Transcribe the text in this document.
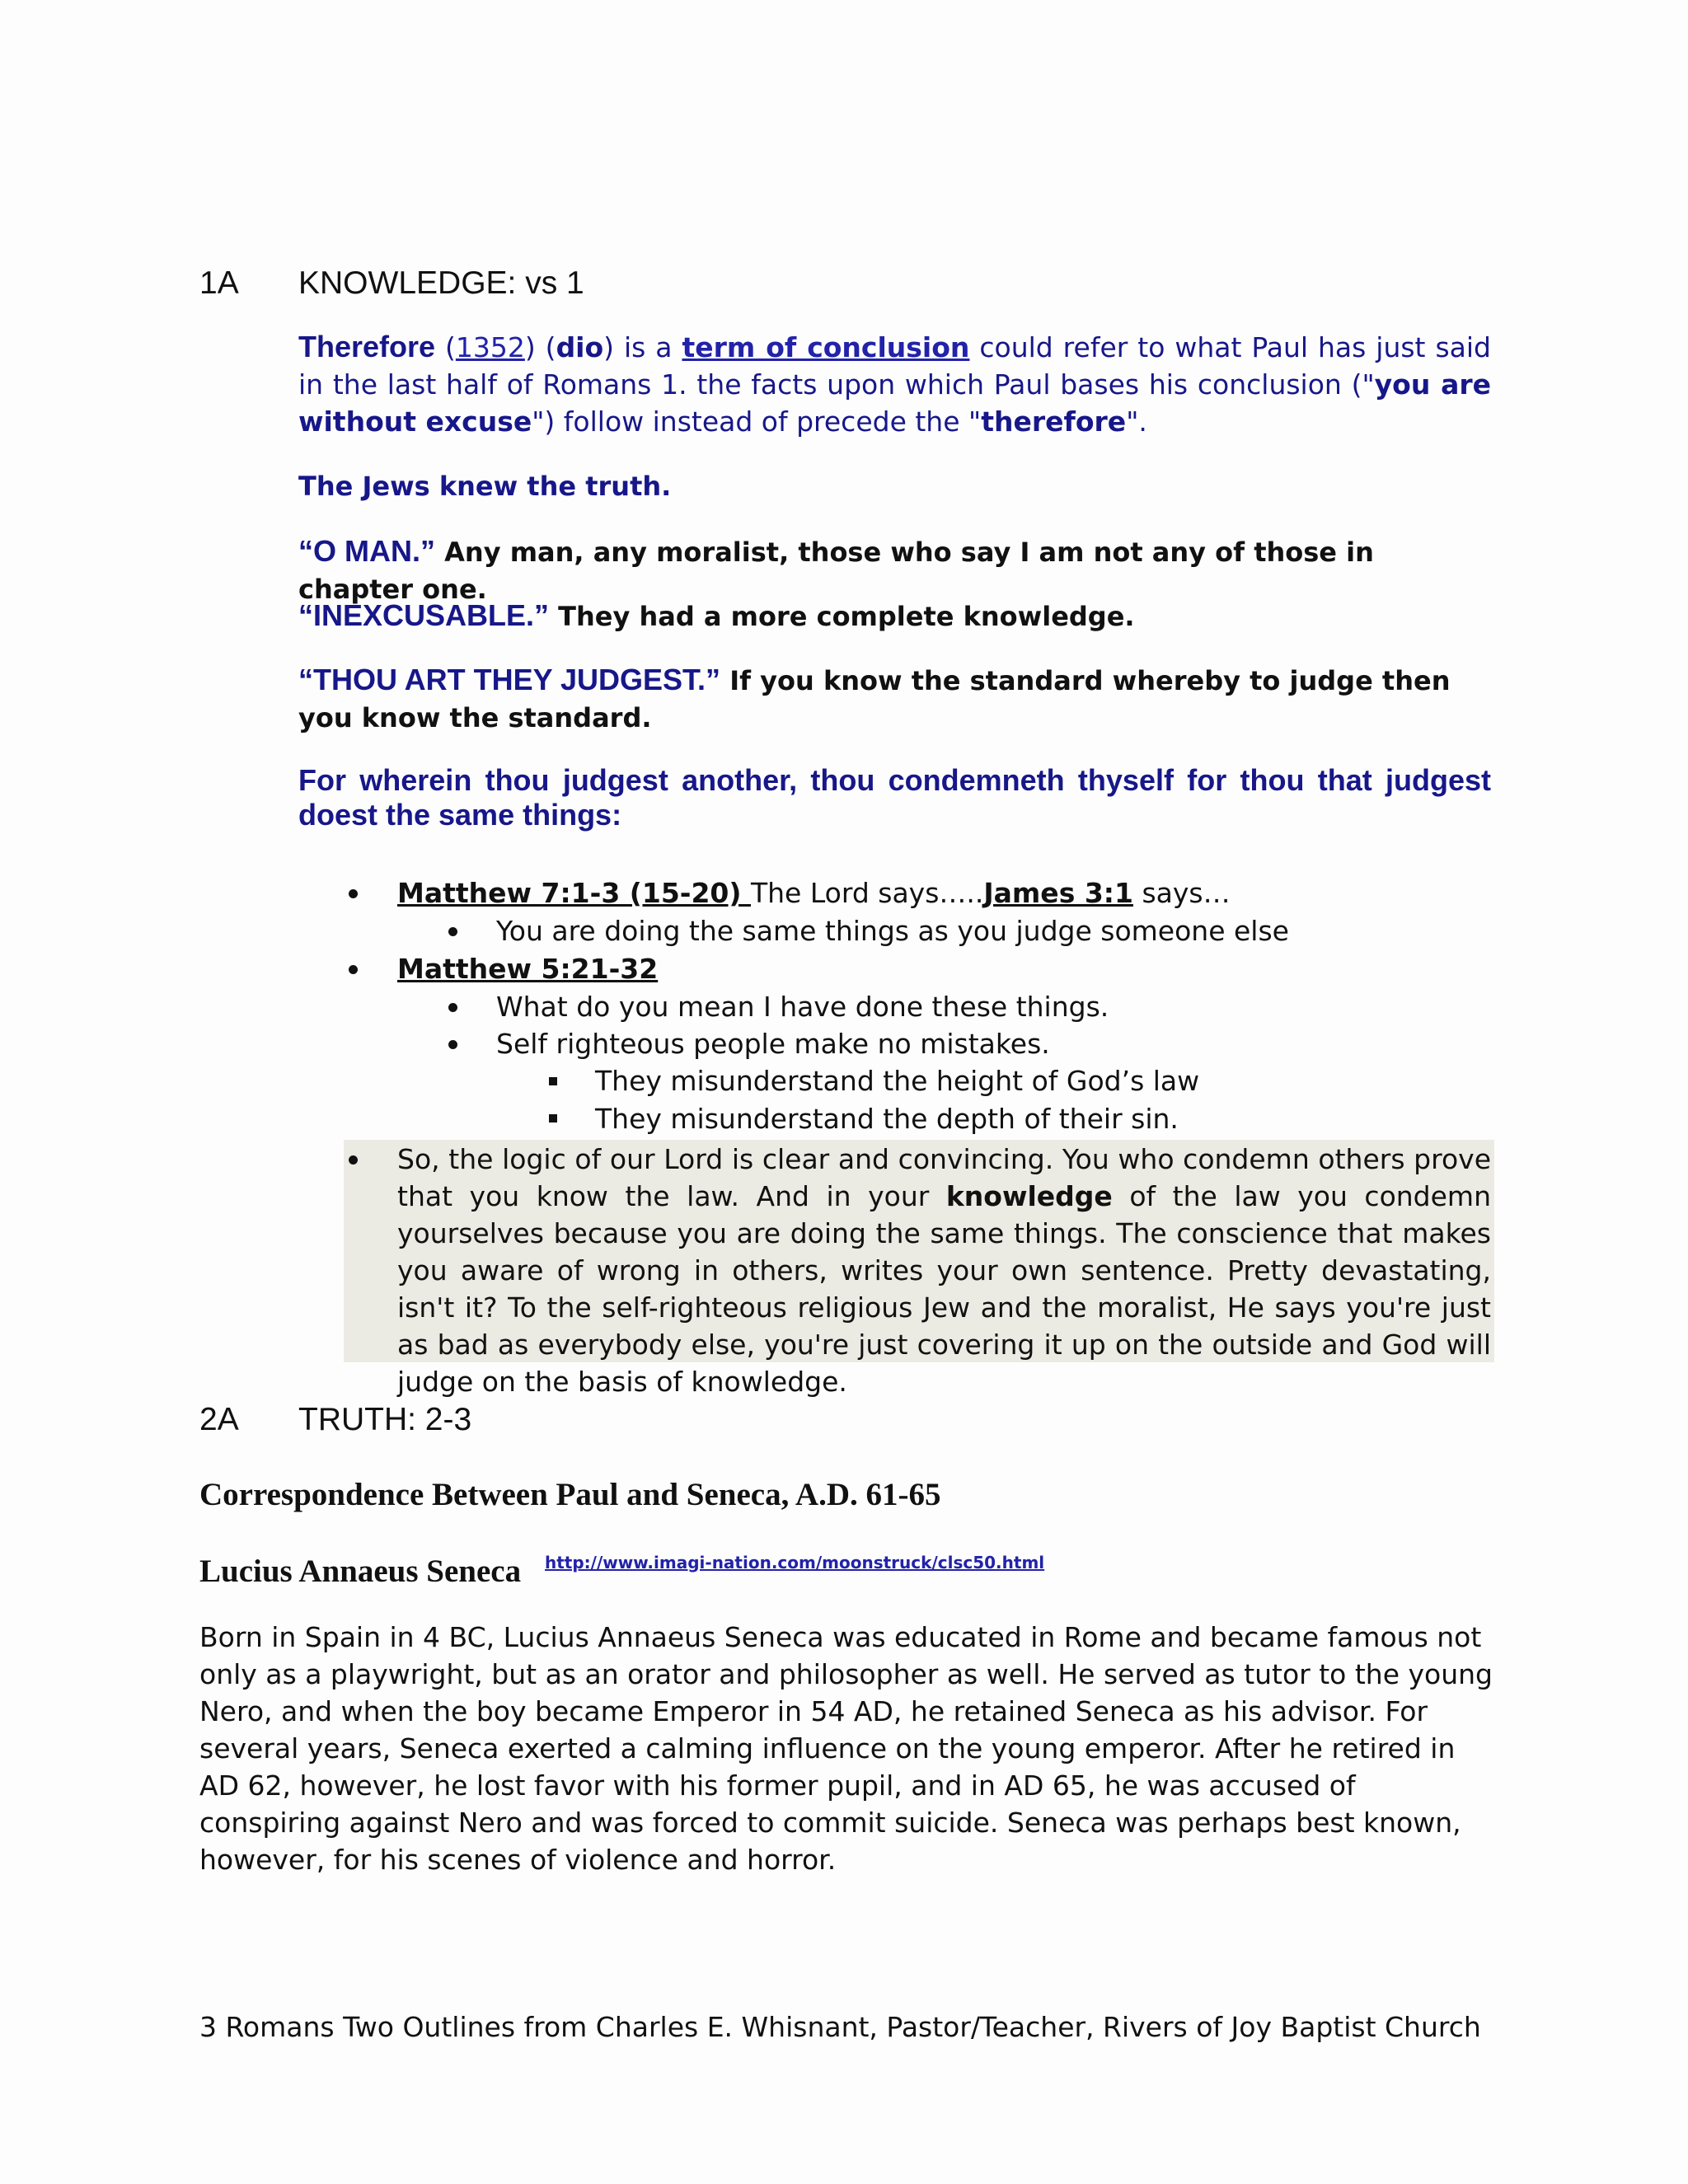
1A KNOWLEDGE: vs 1
Therefore (1352) (dio) is a term of conclusion could refer to what Paul has just said in the last half of Romans 1. the facts upon which Paul bases his conclusion ("you are without excuse") follow instead of precede the "therefore".
The Jews knew the truth.
“O MAN.” Any man, any moralist, those who say I am not any of those in chapter one.
“INEXCUSABLE.” They had a more complete knowledge.
“THOU ART THEY JUDGEST.” If you know the standard whereby to judge then you know the standard.
For wherein thou judgest another, thou condemneth thyself for thou that judgest doest the same things:
Matthew 7:1-3 (15-20) The Lord says…..James 3:1 says…
You are doing the same things as you judge someone else
Matthew 5:21-32
What do you mean I have done these things.
Self righteous people make no mistakes.
They misunderstand the height of God’s law
They misunderstand the depth of their sin.
So, the logic of our Lord is clear and convincing. You who condemn others prove that you know the law. And in your knowledge of the law you condemn yourselves because you are doing the same things. The conscience that makes you aware of wrong in others, writes your own sentence. Pretty devastating, isn't it? To the self-righteous religious Jew and the moralist, He says you're just as bad as everybody else, you're just covering it up on the outside and God will judge on the basis of knowledge.
2A TRUTH: 2-3
Correspondence Between Paul and Seneca, A.D. 61-65
Lucius Annaeus Seneca http://www.imagi-nation.com/moonstruck/clsc50.html
Born in Spain in 4 BC, Lucius Annaeus Seneca was educated in Rome and became famous not only as a playwright, but as an orator and philosopher as well. He served as tutor to the young Nero, and when the boy became Emperor in 54 AD, he retained Seneca as his advisor. For several years, Seneca exerted a calming influence on the young emperor. After he retired in AD 62, however, he lost favor with his former pupil, and in AD 65, he was accused of conspiring against Nero and was forced to commit suicide. Seneca was perhaps best known, however, for his scenes of violence and horror.
3 Romans Two Outlines from Charles E. Whisnant, Pastor/Teacher, Rivers of Joy Baptist Church
